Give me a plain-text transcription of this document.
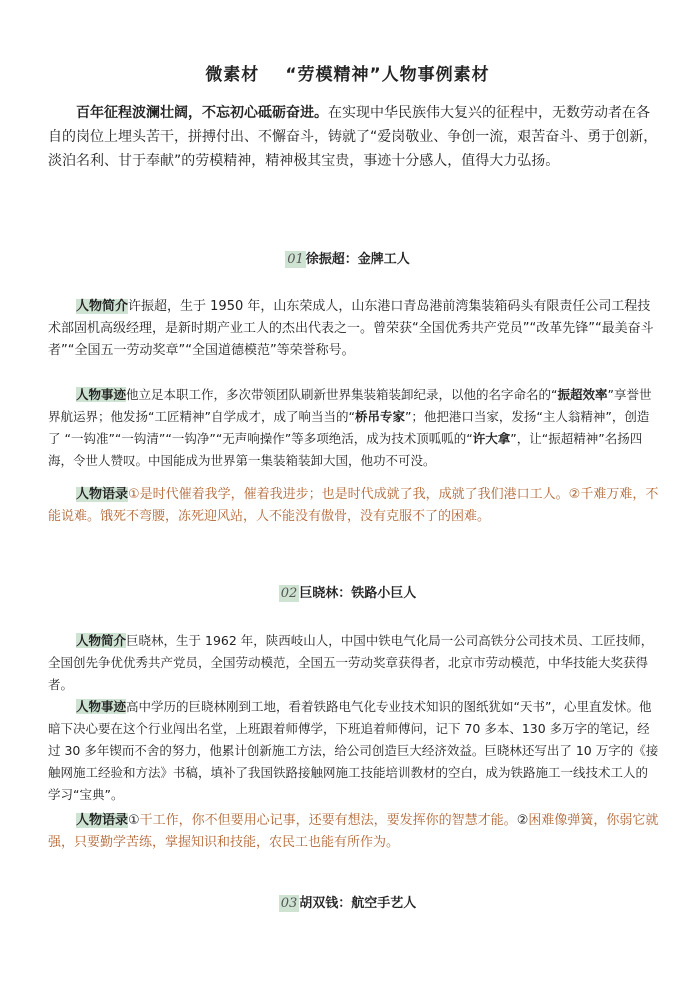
微素材 “劳模精神”人物事例素材
百年征程波澜壮阔，不忘初心砥砺奋进。在实现中华民族伟大复兴的征程中，无数劳动者在各自的岗位上埋头苦干，拼搏付出、不懈奋斗，铸就了“爱岗敬业、争创一流，艰苦奋斗、勇于创新，淡泊名利、甘于奉献”的劳模精神，精神极其宝贵，事迹十分感人，值得大力弘扬。
01 徐振超：金牌工人
人物简介许振超，生于 1950 年，山东荣成人，山东港口青岛港前湾集装箱码头有限责任公司工程技术部固机高级经理，是新时期产业工人的杰出代表之一。曾荣获“全国优秀共产党员”“改革先锋”“最美奋斗者”“全国五一劳动奖章”“全国道德模范”等荣誉称号。
人物事迹他立足本职工作，多次带领团队刷新世界集装箱装卸纪录，以他的名字命名的“振超效率”享誉世界航运界；他发扬“工匠精神”自学成才，成了响当当的“桥吊专家”；他把港口当家，发扬“主人翁精神”，创造了 “一钩准”“一钩清”“一钩净”“无声响操作”等多项绝活，成为技术顶呱呱的“许大拿”，让“振超精神”名扬四海，令世人赞叹。中国能成为世界第一集装箱装卸大国，他功不可没。
人物语录①是时代催着我学，催着我进步；也是时代成就了我，成就了我们港口工人。②千难万难，不能说难。饿死不弯腰，冻死迎风站，人不能没有傲骨，没有克服不了的困难。
02 巨晓林：铁路小巨人
人物简介巨晓林，生于 1962 年，陕西岐山人，中国中铁电气化局一公司高铁分公司技术员、工匠技师，全国创先争优优秀共产党员，全国劳动模范，全国五一劳动奖章获得者，北京市劳动模范，中华技能大奖获得者。
人物事迹高中学历的巨晓林刚到工地，看着铁路电气化专业技术知识的图纸犹如“天书”，心里直发怵。他暗下决心要在这个行业闯出名堂，上班跟着师傅学，下班追着师傅问，记下 70 多本、130 多万字的笔记，经过 30 多年锲而不舍的努力，他累计创新施工方法，给公司创造巨大经济效益。巨晓林还写出了 10 万字的《接触网施工经验和方法》书稿，填补了我国铁路接触网施工技能培训教材的空白，成为铁路施工一线技术工人的学习“宝典”。
人物语录①干工作，你不但要用心记事，还要有想法，要发挥你的智慧才能。②困难像弹簧，你弱它就强，只要勤学苦练，掌握知识和技能，农民工也能有所作为。
03 胡双钱：航空手艺人
